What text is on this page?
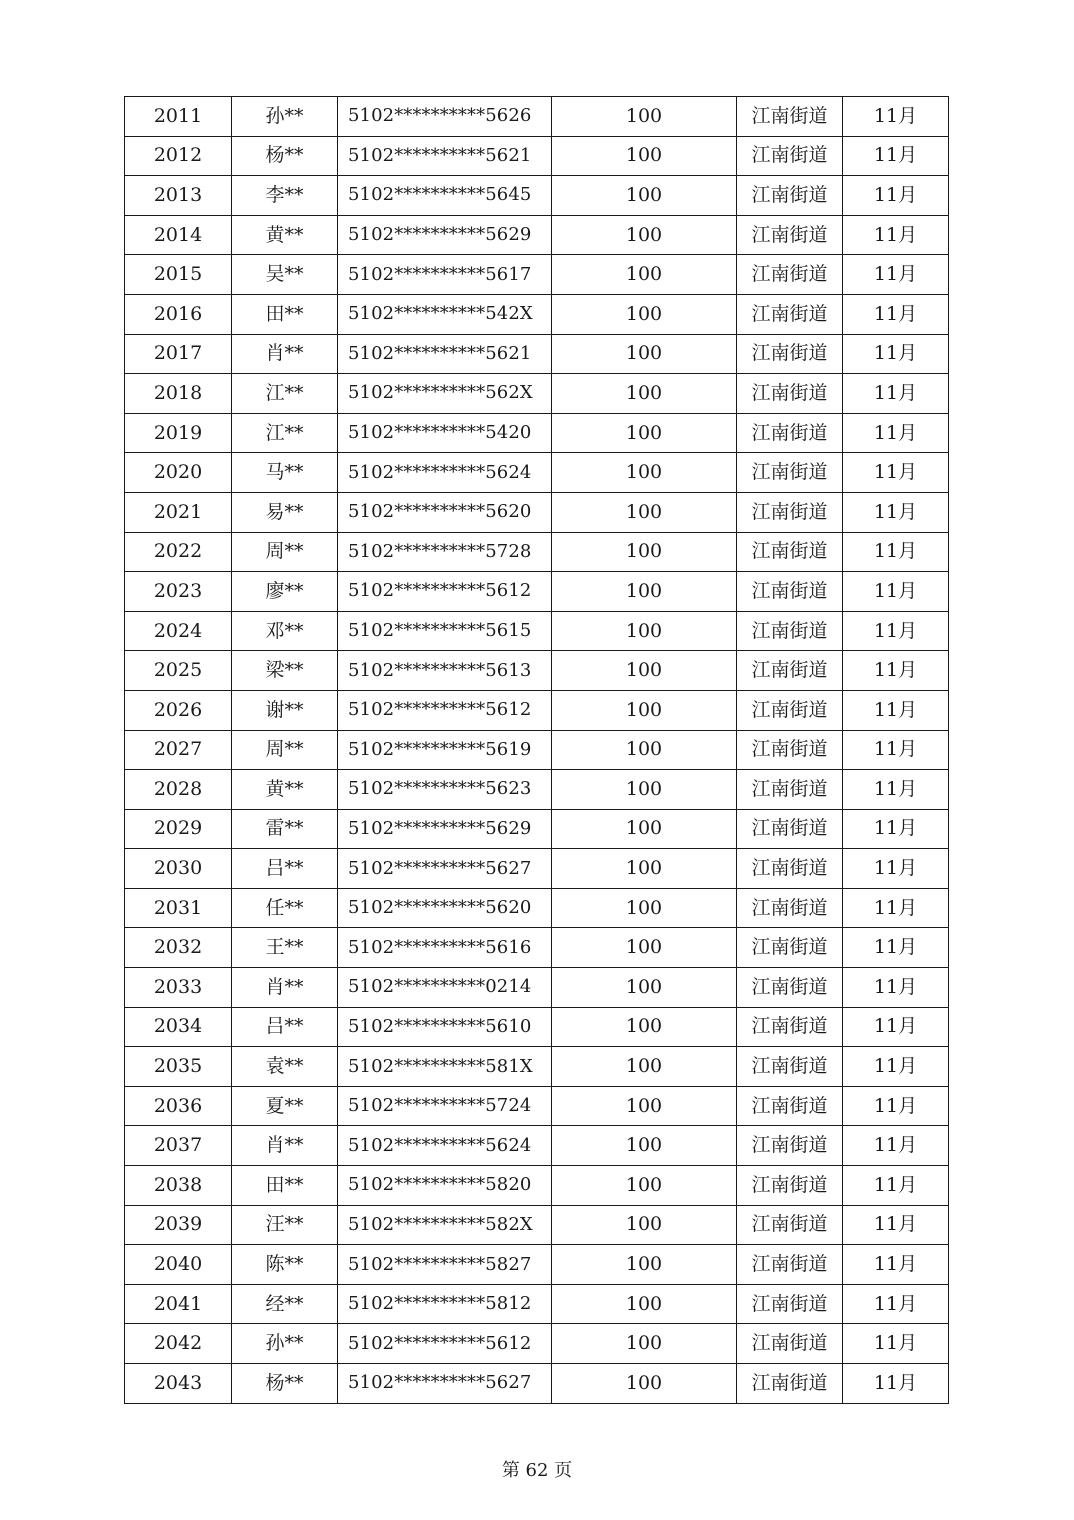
2011	孙**	5102**********5626	100	江南街道	11月
2012	杨**	5102**********5621	100	江南街道	11月
2013	李**	5102**********5645	100	江南街道	11月
2014	黄**	5102**********5629	100	江南街道	11月
2015	吴**	5102**********5617	100	江南街道	11月
2016	田**	5102**********542X	100	江南街道	11月
2017	肖**	5102**********5621	100	江南街道	11月
2018	江**	5102**********562X	100	江南街道	11月
2019	江**	5102**********5420	100	江南街道	11月
2020	马**	5102**********5624	100	江南街道	11月
2021	易**	5102**********5620	100	江南街道	11月
2022	周**	5102**********5728	100	江南街道	11月
2023	廖**	5102**********5612	100	江南街道	11月
2024	邓**	5102**********5615	100	江南街道	11月
2025	梁**	5102**********5613	100	江南街道	11月
2026	谢**	5102**********5612	100	江南街道	11月
2027	周**	5102**********5619	100	江南街道	11月
2028	黄**	5102**********5623	100	江南街道	11月
2029	雷**	5102**********5629	100	江南街道	11月
2030	吕**	5102**********5627	100	江南街道	11月
2031	任**	5102**********5620	100	江南街道	11月
2032	王**	5102**********5616	100	江南街道	11月
2033	肖**	5102**********0214	100	江南街道	11月
2034	吕**	5102**********5610	100	江南街道	11月
2035	袁**	5102**********581X	100	江南街道	11月
2036	夏**	5102**********5724	100	江南街道	11月
2037	肖**	5102**********5624	100	江南街道	11月
2038	田**	5102**********5820	100	江南街道	11月
2039	汪**	5102**********582X	100	江南街道	11月
2040	陈**	5102**********5827	100	江南街道	11月
2041	经**	5102**********5812	100	江南街道	11月
2042	孙**	5102**********5612	100	江南街道	11月
2043	杨**	5102**********5627	100	江南街道	11月
第 62 页
